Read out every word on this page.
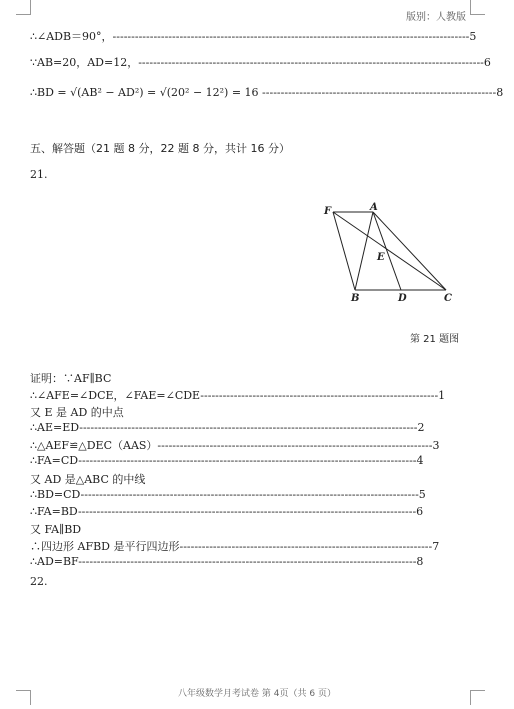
版别：人教版
∴∠ADB＝90°，------------------------------------------------------------------------------------------------5
∵AB=20，AD=12，---------------------------------------------------------------------------------------------6
∴BD = √(AB² − AD²) = √(20² − 12²) = 16 ---------------------------------------------------------------8
五、解答题（21 题 8 分，22 题 8 分，共计 16 分）
21.
F	A
E
B	D	C
第 21 题图
证明：∵AF∥BC
∴∠AFE=∠DCE，∠FAE=∠CDE----------------------------------------------------------------1
又 E 是 AD 的中点
∴AE=ED-------------------------------------------------------------------------------------------2
∴△AEF≌△DEC（AAS）--------------------------------------------------------------------------3
∴FA=CD-------------------------------------------------------------------------------------------4
又 AD 是△ABC 的中线
∴BD=CD-------------------------------------------------------------------------------------------5
∴FA=BD-------------------------------------------------------------------------------------------6
又 FA∥BD
∴四边形 AFBD 是平行四边形--------------------------------------------------------------------7
∴AD=BF-------------------------------------------------------------------------------------------8
22.
八年级数学月考试卷 第 4页（共 6 页）
